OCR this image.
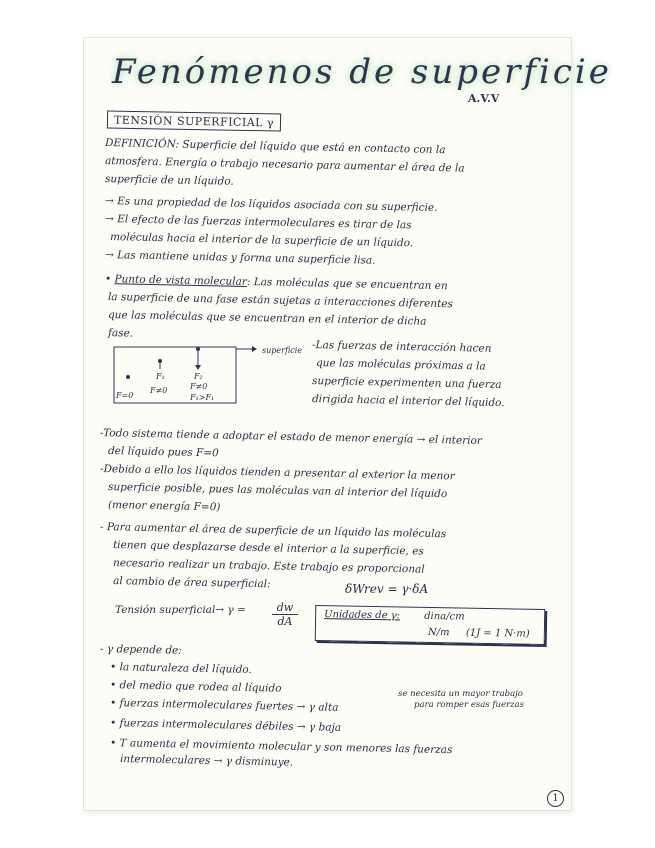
Fenómenos de superficie
A.V.V
TENSIÓN SUPERFICIAL γ
DEFINICIÓN: Superficie del líquido que está en contacto con la
atmosfera. Energía o trabajo necesario para aumentar el área de la
superficie de un líquido.
→ Es una propiedad de los líquidos asociada con su superficie.
→ El efecto de las fuerzas intermoleculares es tirar de las
moléculas hacia el interior de la superficie de un líquido.
→ Las mantiene unidas y forma una superficie lisa.
• Punto de vista molecular: Las moléculas que se encuentran en
la superficie de una fase están sujetas a interacciones diferentes
que las moléculas que se encuentran en el interior de dicha
fase.
superficie
F=0
F≠0
F₁	F₂
F≠0
F₁>F₁
-Las fuerzas de interacción hacen
que las moléculas próximas a la
superficie experimenten una fuerza
dirigida hacia el interior del líquido.
-Todo sistema tiende a adoptar el estado de menor energía → el interior
del líquido pues F=0
-Debido a ello los líquidos tienden a presentar al exterior la menor
superficie posible, pues las moléculas van al interior del líquido
(menor energía F=0)
- Para aumentar el área de superficie de un líquido las moléculas
tienen que desplazarse desde el interior a la superficie, es
necesario realizar un trabajo. Este trabajo es proporcional
al cambio de área superficial:	δWrev = γ·δA
Tensión superficial→ $\gamma = \frac{dw}{dA}$	Unidades de γ: dina/cm
N/m (1J = 1 N·m)
- γ depende de:
• la naturaleza del líquido.
• del medio que rodea al líquido
• fuerzas intermoleculares fuertes → γ alta
• fuerzas intermoleculares débiles → γ baja
• T aumenta el movimiento molecular y son menores las fuerzas
intermoleculares → γ disminuye.
se necesita un mayor trabajo
para romper esas fuerzas
1
